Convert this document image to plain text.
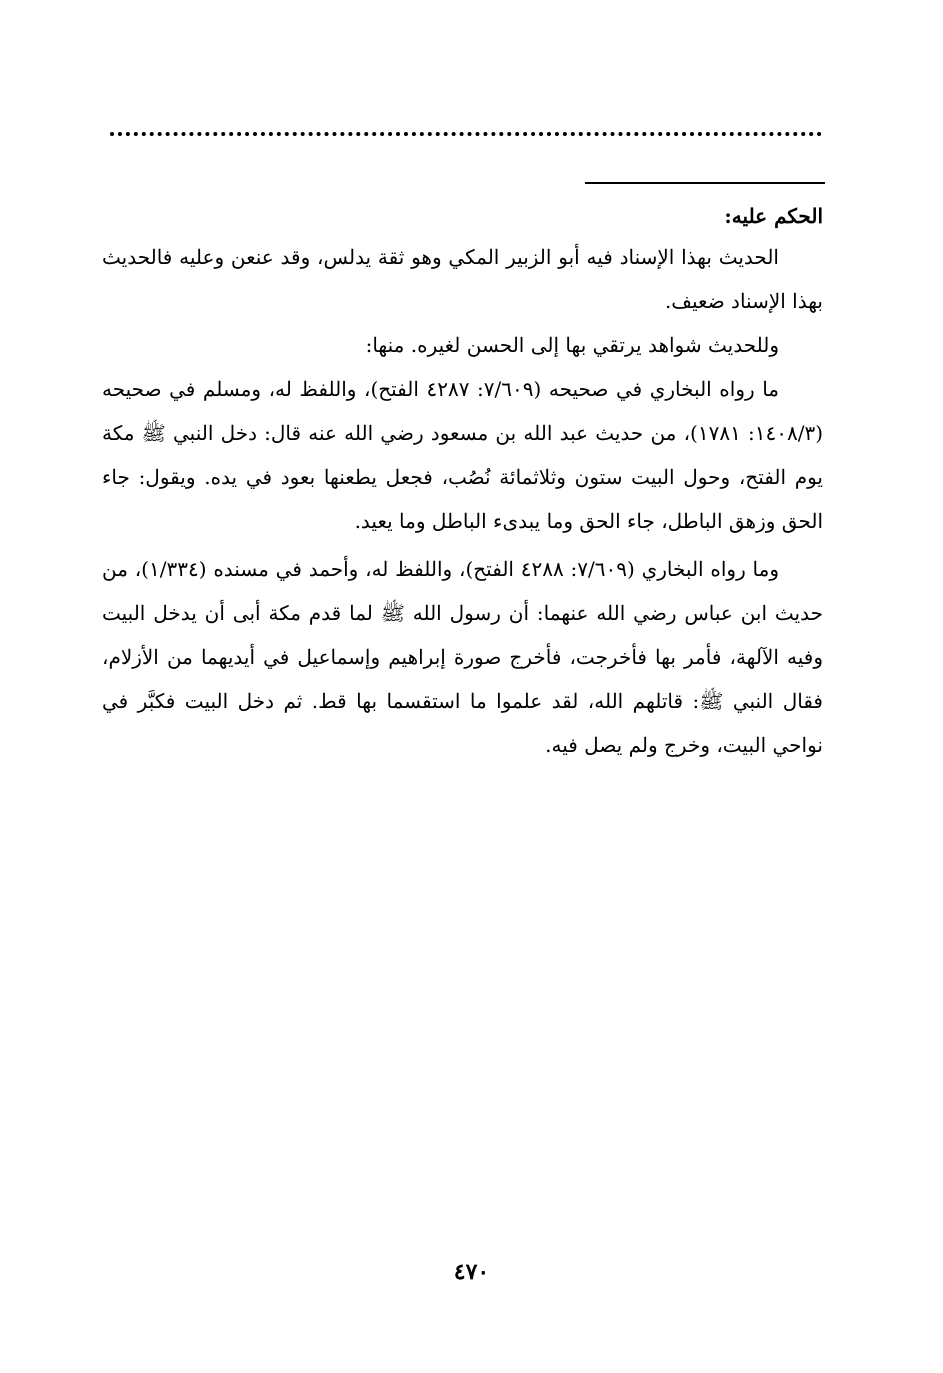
الحكم عليه:

الحديث بهذا الإسناد فيه أبو الزبير المكي وهو ثقة يدلس، وقد عنعن وعليه فالحديث بهذا الإسناد ضعيف.

وللحديث شواهد يرتقي بها إلى الحسن لغيره. منها:

ما رواه البخاري في صحيحه (٧/٦٠٩: ٤٢٨٧ الفتح)، واللفظ له، ومسلم في صحيحه (١٤٠٨/٣: ١٧٨١)، من حديث عبد الله بن مسعود رضي الله عنه قال: دخل النبي ﷺ مكة يوم الفتح، وحول البيت ستون وثلاثمائة نُصُب، فجعل يطعنها بعود في يده. ويقول: جاء الحق وزهق الباطل، جاء الحق وما يبدىء الباطل وما يعيد.

وما رواه البخاري (٧/٦٠٩: ٤٢٨٨ الفتح)، واللفظ له، وأحمد في مسنده (١/٣٣٤)، من حديث ابن عباس رضي الله عنهما: أن رسول الله ﷺ لما قدم مكة أبى أن يدخل البيت وفيه الآلهة، فأمر بها فأخرجت، فأخرج صورة إبراهيم وإسماعيل في أيديهما من الأزلام، فقال النبي ﷺ: قاتلهم الله، لقد علموا ما استقسما بها قط. ثم دخل البيت فكبَّر في نواحي البيت، وخرج ولم يصل فيه.

٤٧٠
